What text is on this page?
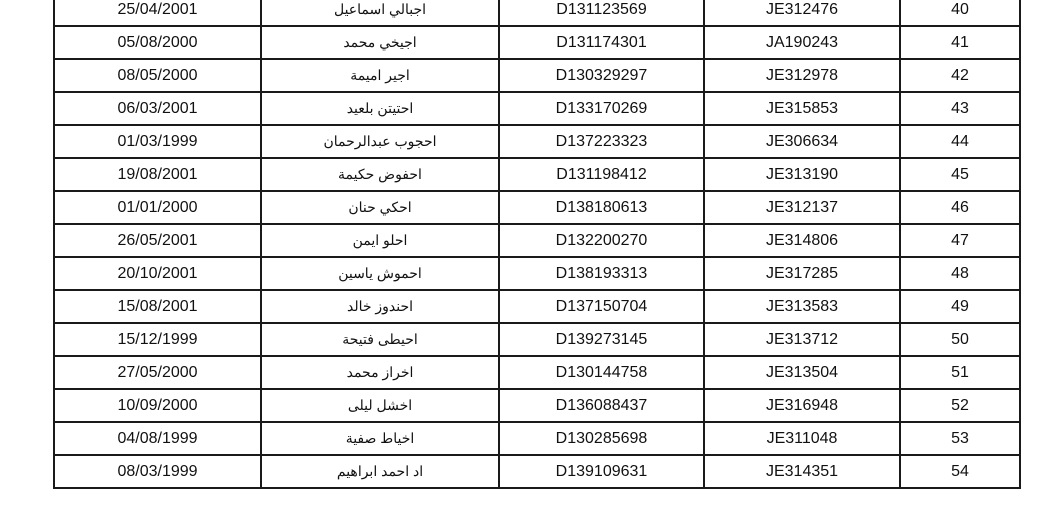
25/04/2001	اجبالي اسماعيل	D131123569	JE312476	40
05/08/2000	اجيخي محمد	D131174301	JA190243	41
08/05/2000	اجير اميمة	D130329297	JE312978	42
06/03/2001	احتيتن بلعيد	D133170269	JE315853	43
01/03/1999	احجوب عبدالرحمان	D137223323	JE306634	44
19/08/2001	احفوض حكيمة	D131198412	JE313190	45
01/01/2000	احكي حنان	D138180613	JE312137	46
26/05/2001	احلو ايمن	D132200270	JE314806	47
20/10/2001	احموش ياسين	D138193313	JE317285	48
15/08/2001	احندوز خالد	D137150704	JE313583	49
15/12/1999	احيطى فتيحة	D139273145	JE313712	50
27/05/2000	اخراز محمد	D130144758	JE313504	51
10/09/2000	اخشل ليلى	D136088437	JE316948	52
04/08/1999	اخياط صفية	D130285698	JE311048	53
08/03/1999	اد احمد ابراهيم	D139109631	JE314351	54
